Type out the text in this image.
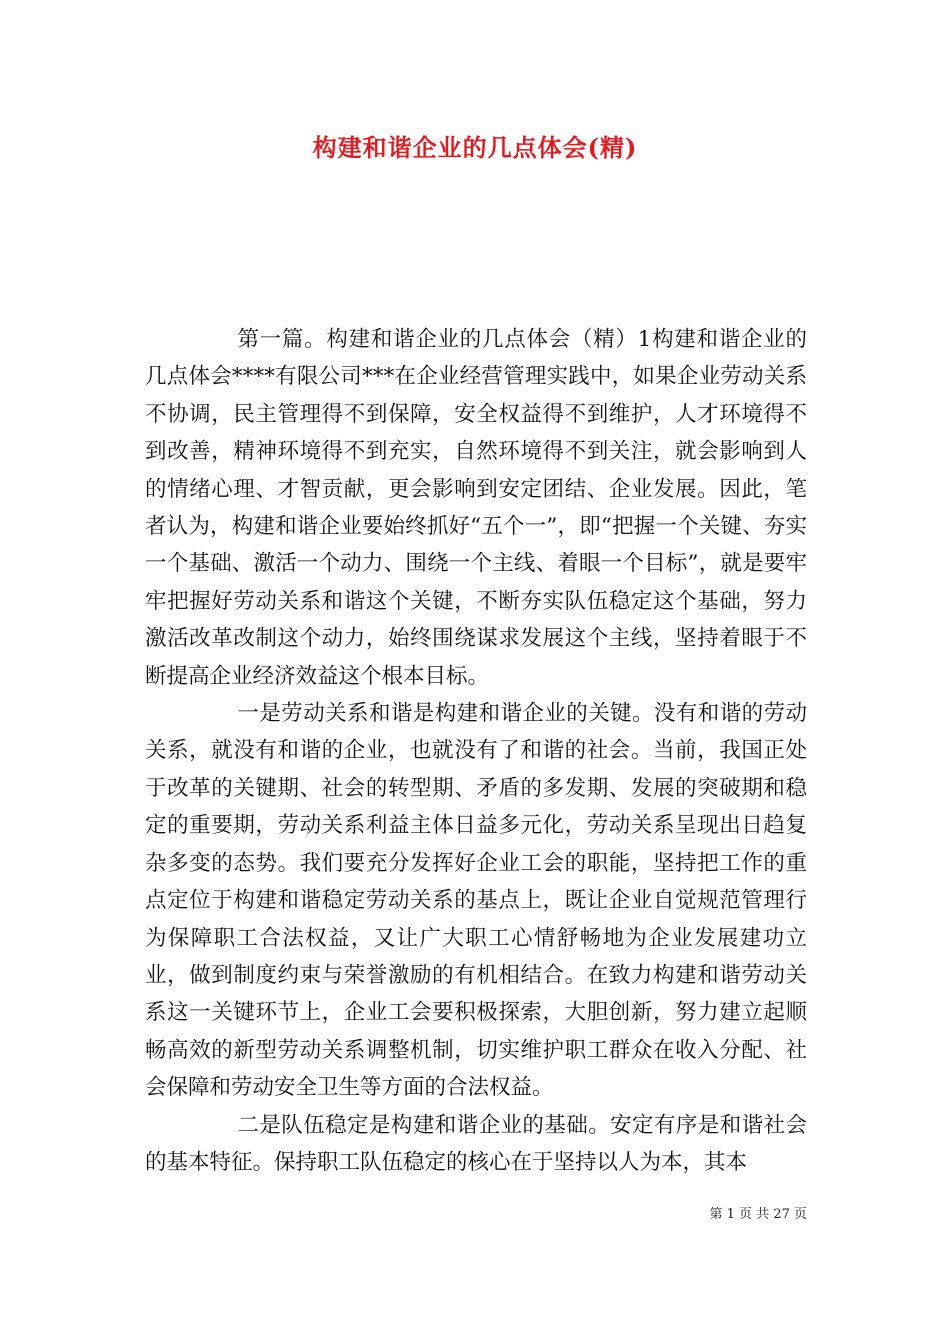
构建和谐企业的几点体会(精)

第一篇。构建和谐企业的几点体会（精）1构建和谐企业的几点体会****有限公司***在企业经营管理实践中，如果企业劳动关系不协调，民主管理得不到保障，安全权益得不到维护，人才环境得不到改善，精神环境得不到充实，自然环境得不到关注，就会影响到人的情绪心理、才智贡献，更会影响到安定团结、企业发展。因此，笔者认为，构建和谐企业要始终抓好“五个一”，即“把握一个关键、夯实一个基础、激活一个动力、围绕一个主线、着眼一个目标”，就是要牢牢把握好劳动关系和谐这个关键，不断夯实队伍稳定这个基础，努力激活改革改制这个动力，始终围绕谋求发展这个主线，坚持着眼于不断提高企业经济效益这个根本目标。

一是劳动关系和谐是构建和谐企业的关键。没有和谐的劳动关系，就没有和谐的企业，也就没有了和谐的社会。当前，我国正处于改革的关键期、社会的转型期、矛盾的多发期、发展的突破期和稳定的重要期，劳动关系利益主体日益多元化，劳动关系呈现出日趋复杂多变的态势。我们要充分发挥好企业工会的职能，坚持把工作的重点定位于构建和谐稳定劳动关系的基点上，既让企业自觉规范管理行为保障职工合法权益，又让广大职工心情舒畅地为企业发展建功立业，做到制度约束与荣誉激励的有机相结合。在致力构建和谐劳动关系这一关键环节上，企业工会要积极探索，大胆创新，努力建立起顺畅高效的新型劳动关系调整机制，切实维护职工群众在收入分配、社会保障和劳动安全卫生等方面的合法权益。

二是队伍稳定是构建和谐企业的基础。安定有序是和谐社会的基本特征。保持职工队伍稳定的核心在于坚持以人为本，其本

第 1 页 共 27 页
